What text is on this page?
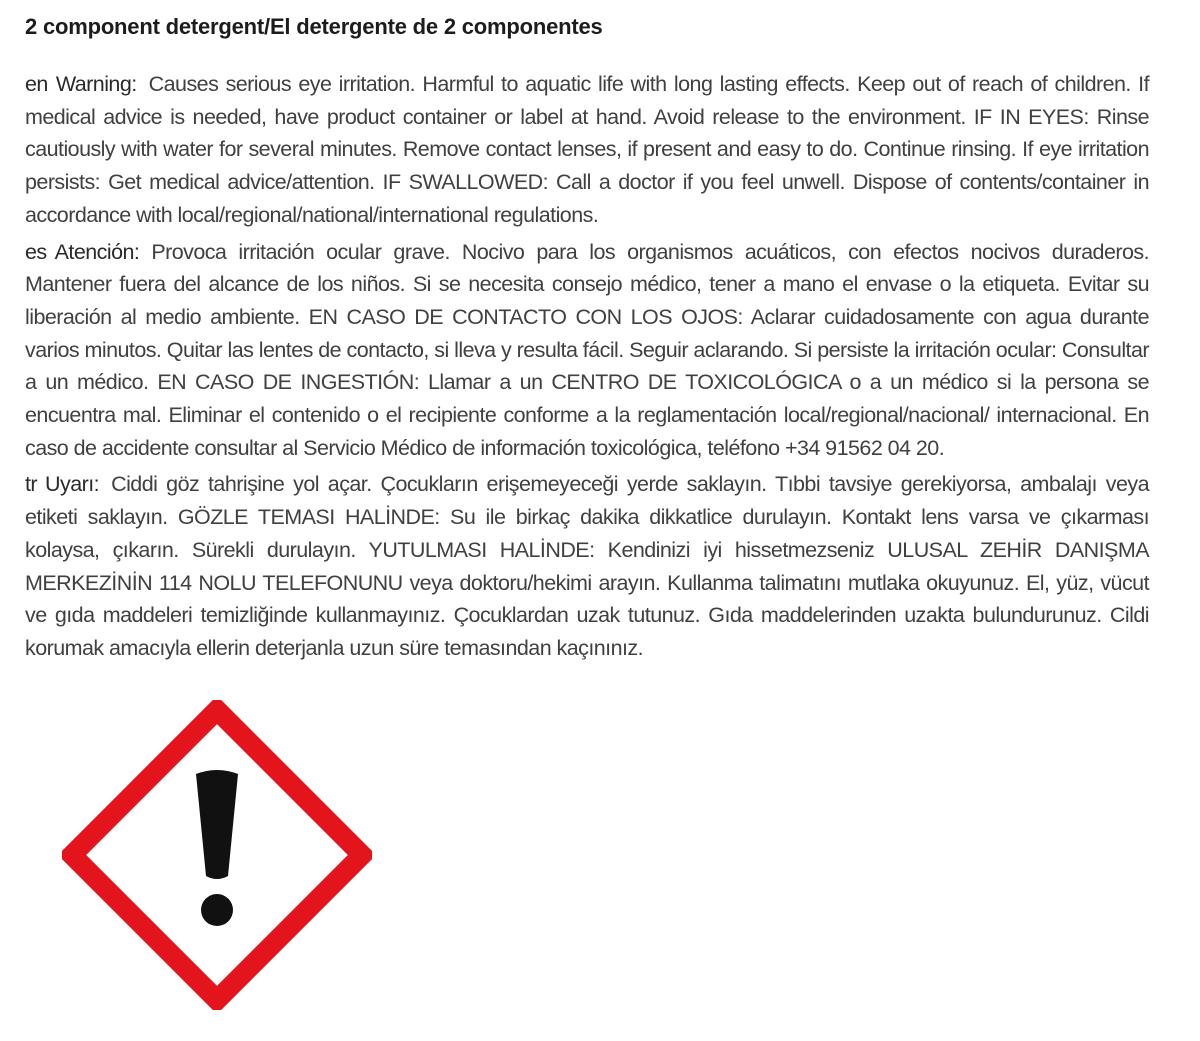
2 component detergent/El detergente de 2 componentes

en Warning: Causes serious eye irritation. Harmful to aquatic life with long lasting effects. Keep out of reach of children. If medical advice is needed, have product container or label at hand. Avoid release to the environment. IF IN EYES: Rinse cautiously with water for several minutes. Remove contact lenses, if present and easy to do. Continue rinsing. If eye irritation persists: Get medical advice/attention. IF SWALLOWED: Call a doctor if you feel unwell. Dispose of contents/container in accordance with local/regional/national/international regulations.

es Atención: Provoca irritación ocular grave. Nocivo para los organismos acuáticos, con efectos nocivos duraderos. Mantener fuera del alcance de los niños. Si se necesita consejo médico, tener a mano el envase o la etiqueta. Evitar su liberación al medio ambiente. EN CASO DE CONTACTO CON LOS OJOS: Aclarar cuidadosamente con agua durante varios minutos. Quitar las lentes de contacto, si lleva y resulta fácil. Seguir aclarando. Si persiste la irritación ocular: Consultar a un médico. EN CASO DE INGESTIÓN: Llamar a un CENTRO DE TOXICOLÓGICA o a un médico si la persona se encuentra mal. Eliminar el contenido o el recipiente conforme a la reglamentación local/regional/nacional/ internacional. En caso de accidente consultar al Servicio Médico de información toxicológica, teléfono +34 91562 04 20.

tr Uyarı: Ciddi göz tahrişine yol açar. Çocukların erişemeyeceği yerde saklayın. Tıbbi tavsiye gerekiyorsa, ambalajı veya etiketi saklayın. GÖZLE TEMASI HALİNDE: Su ile birkaç dakika dikkatlice durulayın. Kontakt lens varsa ve çıkarması kolaysa, çıkarın. Sürekli durulayın. YUTULMASI HALİNDE: Kendinizi iyi hissetmezseniz ULUSAL ZEHİR DANIŞMA MERKEZİNİN 114 NOLU TELEFONUNU veya doktoru/hekimi arayın. Kullanma talimatını mutlaka okuyunuz. El, yüz, vücut ve gıda maddeleri temizliğinde kullanmayınız. Çocuklardan uzak tutunuz. Gıda maddelerinden uzakta bulundurunuz. Cildi korumak amacıyla ellerin deterjanla uzun süre temasından kaçınınız.
